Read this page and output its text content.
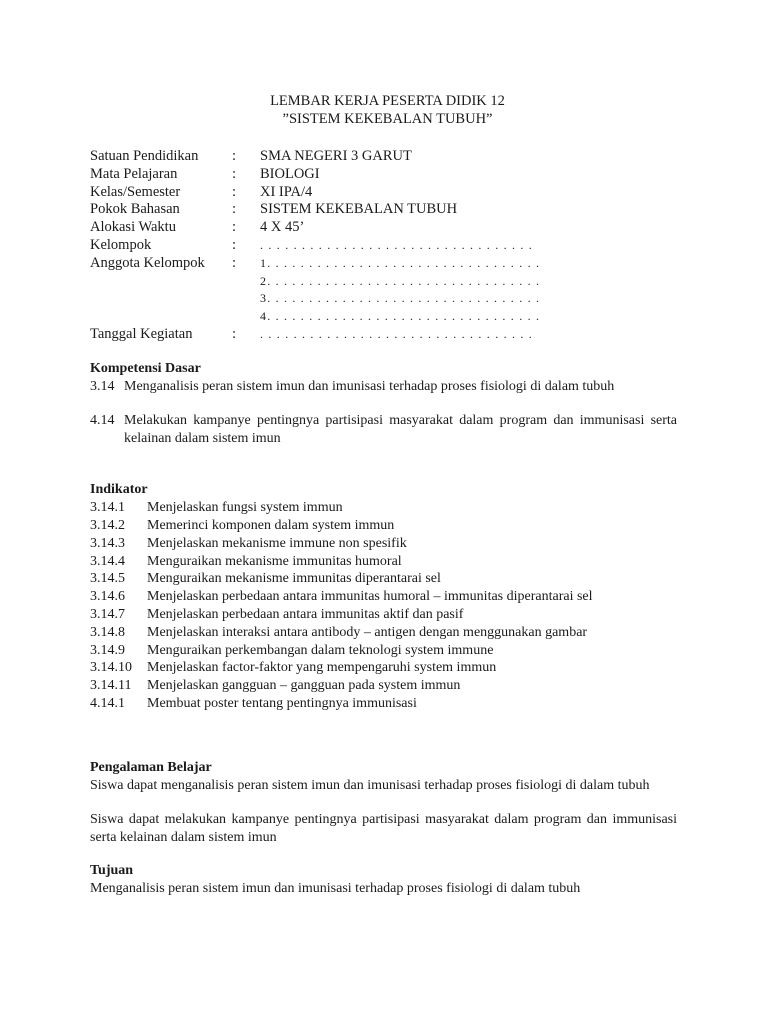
LEMBAR KERJA PESERTA DIDIK 12
”SISTEM KEKEBALAN TUBUH”
Satuan Pendidikan	:	SMA NEGERI 3 GARUT
Mata Pelajaran	:	BIOLOGI
Kelas/Semester	:	XI IPA/4
Pokok Bahasan	:	SISTEM KEKEBALAN TUBUH
Alokasi Waktu	:	4 X 45’
Kelompok	:	. . . . . . . . . . . . . . . . . . . . . . . . . . . . . . . . .
Anggota Kelompok	:	1. . . . . . . . . . . . . . . . . . . . . . . . . . . . . . . . .
2. . . . . . . . . . . . . . . . . . . . . . . . . . . . . . . . .
3. . . . . . . . . . . . . . . . . . . . . . . . . . . . . . . . .
4. . . . . . . . . . . . . . . . . . . . . . . . . . . . . . . . .
Tanggal Kegiatan	:	. . . . . . . . . . . . . . . . . . . . . . . . . . . . . . . . .
Kompetensi Dasar
3.14 Menganalisis peran sistem imun dan imunisasi terhadap proses fisiologi di dalam tubuh
4.14 Melakukan kampanye pentingnya partisipasi masyarakat dalam program dan immunisasi serta kelainan dalam sistem imun
Indikator
3.14.1	Menjelaskan fungsi system immun
3.14.2	Memerinci komponen dalam system immun
3.14.3	Menjelaskan mekanisme immune non spesifik
3.14.4	Menguraikan mekanisme immunitas humoral
3.14.5	Menguraikan mekanisme immunitas diperantarai sel
3.14.6	Menjelaskan perbedaan antara immunitas humoral – immunitas diperantarai sel
3.14.7	Menjelaskan perbedaan antara immunitas aktif dan pasif
3.14.8	Menjelaskan interaksi antara antibody – antigen dengan menggunakan gambar
3.14.9	Menguraikan perkembangan dalam teknologi system immune
3.14.10	Menjelaskan factor-faktor yang mempengaruhi system immun
3.14.11	Menjelaskan gangguan – gangguan pada system immun
4.14.1	Membuat poster tentang pentingnya immunisasi
Pengalaman Belajar
Siswa dapat menganalisis peran sistem imun dan imunisasi terhadap proses fisiologi di dalam tubuh
Siswa dapat melakukan kampanye pentingnya partisipasi masyarakat dalam program dan immunisasi serta kelainan dalam sistem imun
Tujuan
Menganalisis peran sistem imun dan imunisasi terhadap proses fisiologi di dalam tubuh
